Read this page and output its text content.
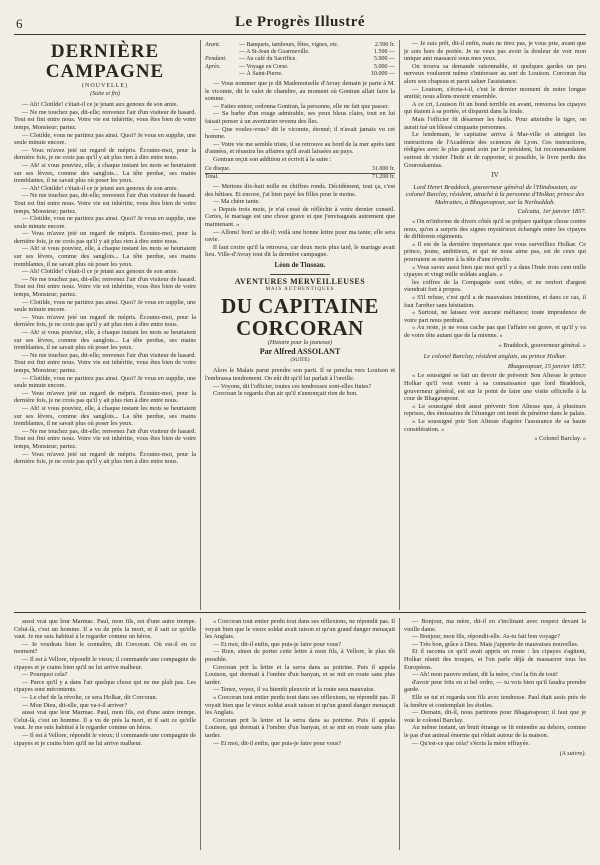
6	Le Progrès Illustré
DERNIÈRE CAMPAGNE
(NOUVELLE)
(Suite et fin)

— Ah! Clotilde! c'était-il ce je jetant aux genoux de son amie.

— Ne me touchez pas, dit-elle; renvenez l'air d'un visiteur de hasard. Tout est fini entre nous. Votre vie est inhéritie, vous êtes bien de votre temps, Monsieur; partez.

— Clotilde, vous ne partirez pas ainsi. Quoi? Je vous en supplie, une seule minute encore.

— Vous m'avez jeté un regard de mépris. Écoutez-moi, pour la dernière fois, je ne crois pas qu'il y ait plus rien à dire entre nous.

— Ah! si vous pouviez, elle, à chaque instant les mots se heurtaient sur ses lèvres, comme des sanglots... La tête perdue, ses mains tremblantes, il ne savait plus où poser les yeux.

— Ah! Clotilde! c'était-il ce je jetant aux genoux de son amie.

— Ne me touchez pas, dit-elle; renvenez l'air d'un visiteur de hasard. Tout est fini entre nous. Votre vie est inhéritie, vous êtes bien de votre temps, Monsieur; partez.

— Clotilde, vous ne partirez pas ainsi. Quoi? Je vous en supplie, une seule minute encore.

— Vous m'avez jeté un regard de mépris. Écoutez-moi, pour la dernière fois, je ne crois pas qu'il y ait plus rien à dire entre nous.

— Ah! si vous pouviez, elle, à chaque instant les mots se heurtaient sur ses lèvres, comme des sanglots... La tête perdue, ses mains tremblantes, il ne savait plus où poser les yeux.

— Ah! Clotilde! c'était-il ce je jetant aux genoux de son amie.

— Ne me touchez pas, dit-elle; renvenez l'air d'un visiteur de hasard. Tout est fini entre nous. Votre vie est inhéritie, vous êtes bien de votre temps, Monsieur; partez.

— Clotilde, vous ne partirez pas ainsi. Quoi? Je vous en supplie, une seule minute encore.

— Vous m'avez jeté un regard de mépris. Écoutez-moi, pour la dernière fois, je ne crois pas qu'il y ait plus rien à dire entre nous.

— Ah! si vous pouviez, elle, à chaque instant les mots se heurtaient sur ses lèvres, comme des sanglots... La tête perdue, ses mains tremblantes, il ne savait plus où poser les yeux.

— Ne me touchez pas, dit-elle; renvenez l'air d'un visiteur de hasard. Tout est fini entre nous. Votre vie est inhéritie, vous êtes bien de votre temps, Monsieur; partez.

— Clotilde, vous ne partirez pas ainsi. Quoi? Je vous en supplie, une seule minute encore.

— Vous m'avez jeté un regard de mépris. Écoutez-moi, pour la dernière fois, je ne crois pas qu'il y ait plus rien à dire entre nous.

— Ah! si vous pouviez, elle, à chaque instant les mots se heurtaient sur ses lèvres, comme des sanglots... La tête perdue, ses mains tremblantes, il ne savait plus où poser les yeux.

— Ne me touchez pas, dit-elle; renvenez l'air d'un visiteur de hasard. Tout est fini entre nous. Votre vie est inhéritie, vous êtes bien de votre temps, Monsieur; partez.

— Vous m'avez jeté un regard de mépris. Écoutez-moi, pour la dernière fois, je ne crois pas qu'il y ait plus rien à dire entre nous.

Avant.	— Banquets, tambours, fêtes, vignes, etc.	2.500 fr.
	— A St-Jean de Goarmeville.	1.500 —
Pendant.	— Au café du Sacrifice.	5.900 —
Après.	— Voyage en Corse.	5.000 —
	— À Saint-Pierre.	10.000 —

— Vous nommer que je dit Mademoiselle d'Avray demain je parte à M. le vicomte, dit le valet de chambre, au moment où Gontran allait faire la somme.

— Faites entrer, ordonna Gontran, la personne, elle ne fait que passer.

— Sa barbe d'un rouge admirable, ses yeux bleus clairs, tout en lui faisait penser à un aventurier revenu des îles.

— Que voulez-vous? dit le vicomte, étonné; il n'avait jamais vu cet homme.

— Votre vie me semble triste, il se retrouve au bord de la mer après tant d'années, et réussira les affaires qu'il avait laissées au pays.

Gontran reçut son addition et écrivit à la suite :

Ce disque.	31.000 fr.
Total.	71.200 fr.

— Mettons dix-huit mille en chiffres ronds. Décidément, tout ça, c'est des bêtises. Et encore, j'ai bien payé les filles pour le moins.

— Ma chère tante.

« Depuis trois mois, je n'ai cessé de réfléchir à votre dernier conseil. Certes, le mariage est une chose grave et que j'envisageais autrement que maintenant. »

— Allons! bon! se dit-il; voilà une bonne lettre pour ma tante; elle sera ravie.

Il faut croire qu'il la retrouva, car deux mois plus tard, le mariage avait lieu. Ville-d'Avray tout dit la dernière campagne.

Léon de Tinseau.
AVENTURES MERVEILLEUSES
MAIS AUTHENTIQUES
DU CAPITAINE CORCORAN
(Histoire pour la jeunesse)
Par Alfred ASSOLANT
(SUITE)

Alors le Malais parut prendre son parti. Il se pencha vers Louison et l'embrassa tendrement. On eût dit qu'il lui parlait à l'oreille.

— Voyons, dit l'officier, toutes ces tendresses sont-elles finies?

Corcoran le regarda d'un air qu'il n'annonçait rien de bon.

— Je suis prêt, dit-il enfin, mais ne tirez pas, je vous prie, avant que je sois hors de portée. Je ne veux pas avoir la douleur de voir mon unique ami massacré sous mes yeux.

On trouva sa demande raisonnable, et quelques gardes un peu nerveux voulurent même s'intéresser au sort de Louison. Corcoran ôta alors son chapeau et parut saluer l'assistance.

— Louison, s'écria-t-il, c'est le dernier moment de notre longue amitié; nous allons mourir ensemble.

A ce cri, Louison fit un bond terrible en avant, renversa les cipayes qui étaient à sa portée, et disparut dans la foule.

Mais l'officier fit désarmer les fusils. Pour atteindre le tigre, on aurait tué un blessé cinquante personnes.

Le lendemain, le capitaine arriva à Mar-ville et atteignit les instructions de l'Académie des sciences de Lyon. Ces instructions, rédigées avec le plus grand soin par le président, lui recommandaient surtout de visiter l'Inde et de rapporter, si possible, le livre perdu des Gouroukamtas.

IV
Lord Henri Braddock, gouverneur général de l'Hindoustan, au colonel Barclay, résident, attaché à la personne d'Holkar, prince des Mahrattes, à Bhagavapour, sur la Nerbuddah.
Calcutta, 1er janvier 1857.

« On m'informe de divers côtés qu'il se prépare quelque chose contre nous, qu'on a surpris des signes mystérieux échangés entre les cipayes de différents régiments.

« Il est de la dernière importance que vous surveilliez Holkar. Ce prince, jeune, ambitieux, et qui ne nous aime pas, est de ceux qui pourraient se mettre à la tête d'une révolte.

« Vous savez aussi bien que moi qu'il y a dans l'Inde trois cent mille cipayes et vingt mille soldats anglais. »

les coffres de la Compagnie sont vides, et ne renfort d'argent viendrait fort à propos.

« S'il refuse, c'est qu'il a de mauvaises intentions, et dans ce cas, il faut l'arrêter sans hésitation.

« Surtout, ne laissez voir aucune méfiance; toute imprudence de votre part nous perdrait.

« Au reste, je ne vous cache pas que l'affaire est grave, et qu'il y va de votre tête autant que de la mienne. »

« Braddock, gouverneur général. »
Le colonel Barclay, résident anglais, au prince Holkar.
Bhagavapour, 15 janvier 1857.

« Le soussigné se fait un devoir de prévenir Son Altesse le prince Holkar qu'il veut venir à sa connaissance que lord Braddock, gouverneur général, est sur le point de faire une visite officielle à la cour de Bhagavapour.

« Le soussigné doit aussi prévenir Son Altesse que, à plusieurs reprises, des émissaires de l'étranger ont tenté de pénétrer dans le palais.

« Le soussigné prie Son Altesse d'agréer l'assurance de sa haute considération. »

« Colonel Barclay. »

aussi vrai que leur Marmac. Paul, mon fils, est d'une autre trempe. Celui-là, c'est un homme. Il a vu de près la mort, et il sait ce qu'elle vaut. Je me suis habitué à le regarder comme un héros.

— Je voudrais bien le connaître, dit Corcoran. Où est-il en ce moment?

— Il est à Vellore, répondit le vieux; il commande une compagnie de cipayes et je crains bien qu'il ne lui arrive malheur.

— Pourquoi cela?

— Parce qu'il y a dans l'air quelque chose qui ne me plaît pas. Les cipayes sont mécontents.

— Le chef de la révolte, ce sera Holkar, dit Corcoran.

— Mon Dieu, dit-elle, que va-t-il arriver?

aussi vrai que leur Marmac. Paul, mon fils, est d'une autre trempe. Celui-là, c'est un homme. Il a vu de près la mort, et il sait ce qu'elle vaut. Je me suis habitué à le regarder comme un héros.

— Il est à Vellore, répondit le vieux; il commande une compagnie de cipayes et je crains bien qu'il ne lui arrive malheur.

« Corcoran tout entier perdu tout dans ses réflexions, ne répondit pas. Il voyait bien que le vieux soldat avait raison et qu'un grand danger menaçait les Anglais.

— Et moi, dit-il enfin, que puis-je faire pour vous?

— Rien, sinon de porter cette lettre à mon fils, à Vellore, le plus tôt possible.

Corcoran prit la lettre et la serra dans sa poitrine. Puis il appela Louison, qui dormait à l'ombre d'un banyan, et se mit en route sans plus tarder.

— Tenez, voyez, il va bientôt pleuvoir et la route sera mauvaise.

« Corcoran tout entier perdu tout dans ses réflexions, ne répondit pas. Il voyait bien que le vieux soldat avait raison et qu'un grand danger menaçait les Anglais.

Corcoran prit la lettre et la serra dans sa poitrine. Puis il appela Louison, qui dormait à l'ombre d'un banyan, et se mit en route sans plus tarder.

— Et moi, dit-il enfin, que puis-je faire pour vous?

— Bonjour, ma mère, dit-il en s'inclinant avec respect devant la vieille dame.

— Bonjour, mon fils, répondit-elle. As-tu fait bon voyage?

— Très bon, grâce à Dieu. Mais j'apporte de mauvaises nouvelles.

Et il raconta ce qu'il avait appris en route : les cipayes s'agitent, Holkar réunit des troupes, et l'on parle déjà de massacrer tous les Européens.

— Ah! mon pauvre enfant, dit la mère, c'est la fin de tout!

d'avoir peur frits en si bel ordre, — tu vois bien qu'il faudra prendre garde.

Elle se tut et regarda son fils avec tendresse. Paul était assis près de la fenêtre et contemplait les étoiles.

— Demain, dit-il, nous partirons pour Bhagavapour; il faut que je voie le colonel Barclay.

Au même instant, un bruit étrange se fit entendre au dehors, comme le pas d'un animal énorme qui rôdait autour de la maison.

— Qu'est-ce que cela? s'écria la mère effrayée.

(A suivre).
